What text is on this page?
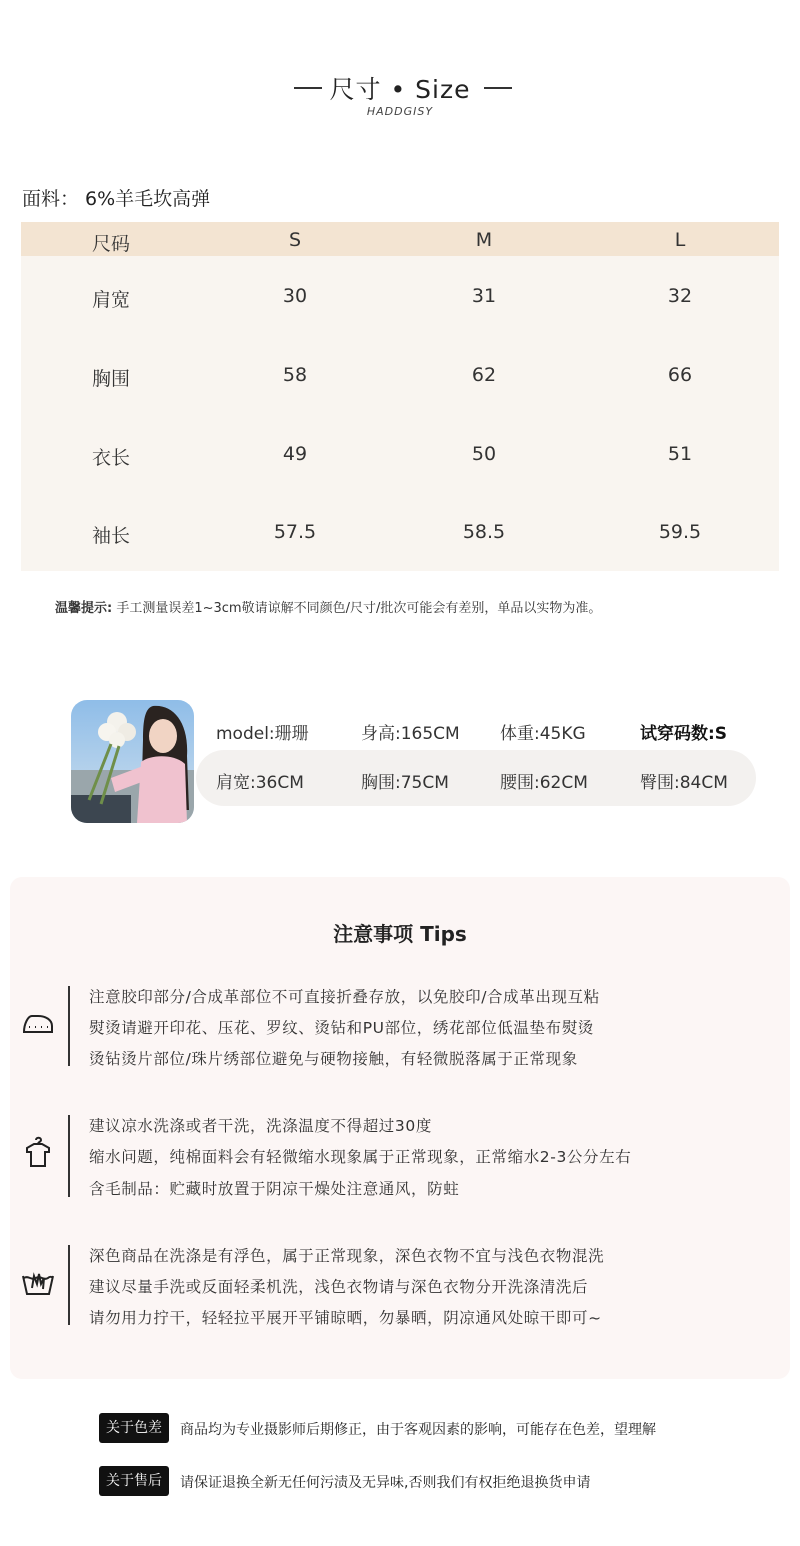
尺寸 • Size
HADDGISY
面料： 6%羊毛坎高弹
尺码	S	M	L
肩宽	30	31	32
胸围	58	62	66
衣长	49	50	51
袖长	57.5	58.5	59.5
温馨提示: 手工测量误差1~3cm敬请谅解不同颜色/尺寸/批次可能会有差别，单品以实物为准。
model:珊珊	身高:165CM 体重:45KG	试穿码数:S
肩宽:36CM	胸围:75CM	腰围:62CM	臀围:84CM
注意事项 Tips
注意胶印部分/合成革部位不可直接折叠存放，以免胶印/合成革出现互粘
熨烫请避开印花、压花、罗纹、烫钻和PU部位，绣花部位低温垫布熨烫
烫钻烫片部位/珠片绣部位避免与硬物接触，有轻微脱落属于正常现象
建议凉水洗涤或者干洗，洗涤温度不得超过30度
缩水问题，纯棉面料会有轻微缩水现象属于正常现象，正常缩水2-3公分左右
含毛制品：贮藏时放置于阴凉干燥处注意通风，防蛀
深色商品在洗涤是有浮色，属于正常现象，深色衣物不宜与浅色衣物混洗
建议尽量手洗或反面轻柔机洗，浅色衣物请与深色衣物分开洗涤清洗后
请勿用力拧干，轻轻拉平展开平铺晾晒，勿暴晒，阴凉通风处晾干即可~
关于色差	商品均为专业摄影师后期修正，由于客观因素的影响，可能存在色差，望理解
关于售后	请保证退换全新无任何污渍及无异味,否则我们有权拒绝退换货申请
